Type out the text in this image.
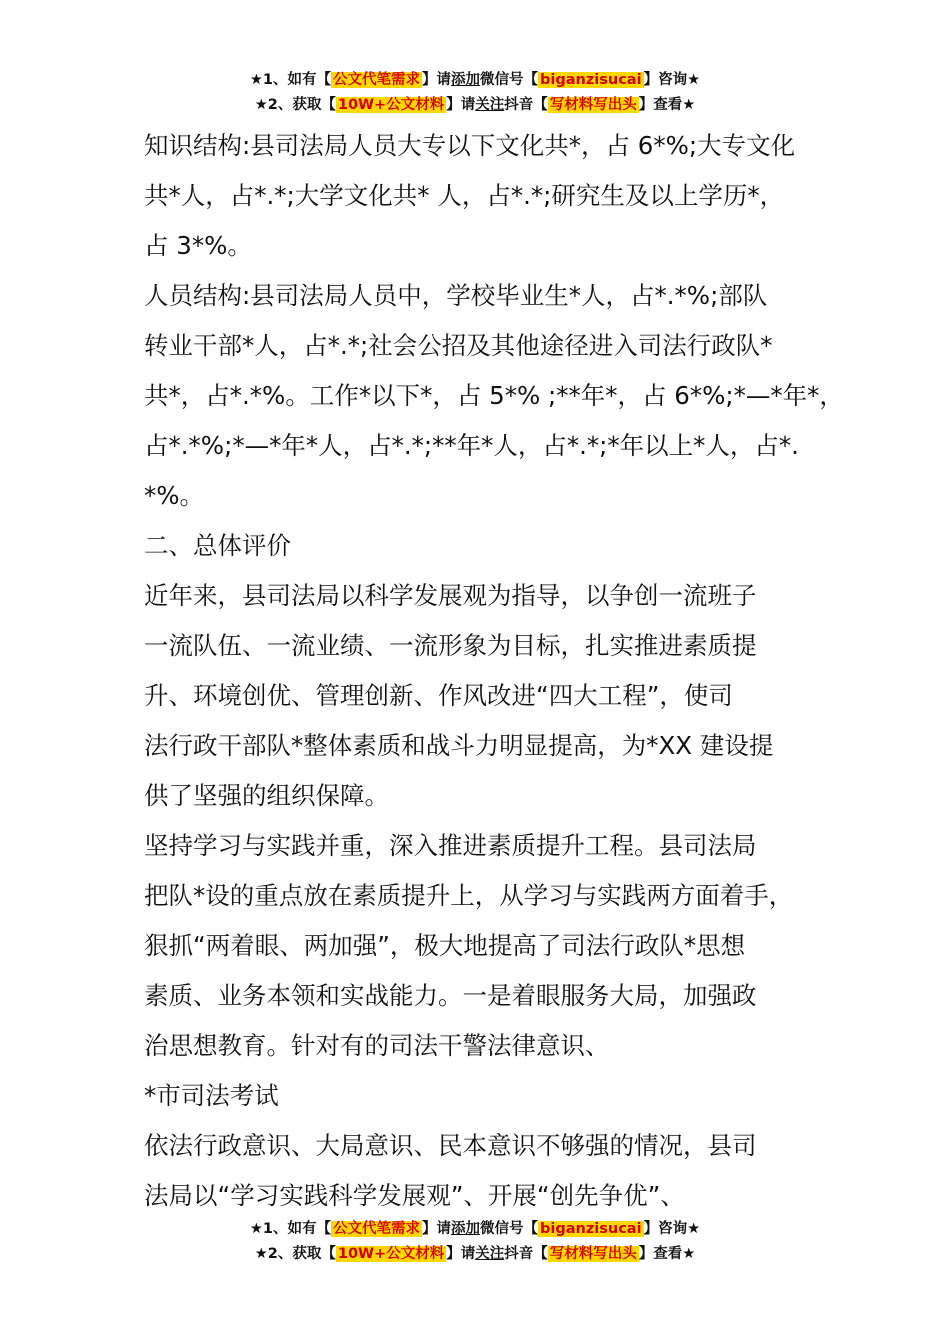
★1、如有【 公文代笔需求 】请添加微信号【 biganzisucai 】咨询★
★2、获取【 10W+公文材料 】请关注抖音【 写材料写出头 】查看★
知识结构:县司法局人员大专以下文化共*，占 6*%;大专文化
共*人，占*.*;大学文化共* 人，占*.*;研究生及以上学历*，
占 3*%。
人员结构:县司法局人员中，学校毕业生*人，占*.*%;部队
转业干部*人，占*.*;社会公招及其他途径进入司法行政队*
共*，占*.*%。工作*以下*，占 5*% ;**年*，占 6*%;*—*年*，
占*.*%;*—*年*人，占*.*;**年*人，占*.*;*年以上*人，占*.
*%。
二、总体评价
近年来，县司法局以科学发展观为指导，以争创一流班子
一流队伍、一流业绩、一流形象为目标，扎实推进素质提
升、环境创优、管理创新、作风改进“四大工程”，使司
法行政干部队*整体素质和战斗力明显提高，为*XX 建设提
供了坚强的组织保障。
坚持学习与实践并重，深入推进素质提升工程。县司法局
把队*设的重点放在素质提升上，从学习与实践两方面着手，
狠抓“两着眼、两加强”，极大地提高了司法行政队*思想
素质、业务本领和实战能力。一是着眼服务大局，加强政
治思想教育。针对有的司法干警法律意识、
*市司法考试
依法行政意识、大局意识、民本意识不够强的情况，县司
法局以“学习实践科学发展观”、开展“创先争优”、
★1、如有【 公文代笔需求 】请添加微信号【 biganzisucai 】咨询★
★2、获取【 10W+公文材料 】请关注抖音【 写材料写出头 】查看★
